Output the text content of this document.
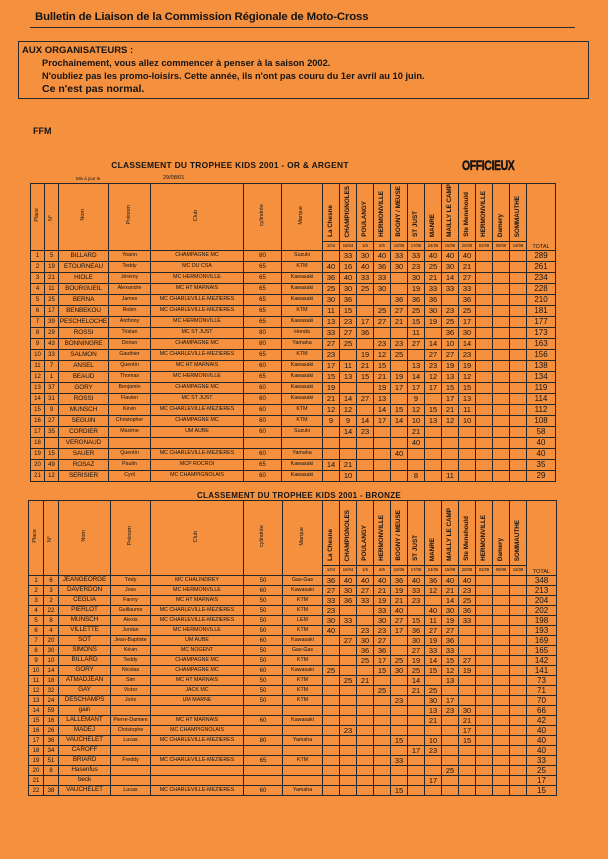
Bulletin de Liaison de la Commission Régionale de Moto-Cross
AUX ORGANISATEURS :
Prochainement, vous allez commencer à penser à la saison 2002.
N'oubliez pas les promo-loisirs. Cette année, ils n'ont pas couru du 1er avril au 10 juin.
Ce n'est pas normal.
FFM
CLASSEMENT DU TROPHEE KIDS 2001 - OR & ARGENT	OFFICIEUX
Mis à jour le	29/08/01
Place	N°	Nom	Prénom	Club	cylindrée	Marque	La Chesne	CHAMPIGNOLES	POULANGY	HERMONVILLE	BOGNY / MEUSE	ST JUST	MANRE	MAILLY LE CAMP	Ste Menehould	HERMONVILLE	Damery	SOMMAUTHE	TOTAL
							1/04	16/04	1/5	6/5	10/06	17/06	24/06	15/08	20/08	02/09	09/09	16/09	
1	5	BILLARD	Yoann	CHAMPAGNE MC	80	Suzuki		33	30	40	33	33	40	40	40				289
2	19	ETOURNEAU	Teddy	MC DU CSA	65	KTM	40	16	40	36	30	23	25	30	21				261
3	21	HIOLE	Jérémy	MC HERMONVILLE	65	Kawasaki	36	40	33	33		30	21	14	27				234
4	11	BOURGUEIL	Alexandre	MC HT MARNAIS	65	Kawasaki	25	30	25	30		19	33	33	33				228
5	25	BERNA	James	MC CHARLEVILLE-MEZIERES	65	Kawasaki	30	36			36	36	36		36				210
6	17	BENBEKOU	Robin	MC CHARLEVILLE-MEZIERES	65	KTM	11	15		25	27	25	30	23	25				181
7	39	PESCHELOCHE	Anthony	MC HERMONVILLE	65	Kawasaki	13	23	17	27	21	15	19	25	17				177
8	29	ROSSI	Tristan	MC ST JUST	80	Honda	33	27	36			11		36	30				173
9	43	BONNINGRE	Dorian	CHAMPAGNE MC	80	Yamaha	27	25		23	23	27	14	10	14				163
10	33	SALMON	Gauthier	MC CHARLEVILLE-MEZIERES	65	KTM	23		19	12	25		27	27	23				156
11	7	ANSEL	Quentin	MC HT MARNAIS	60	Kawasaki	17	11	21	15		13	23	19	19				138
12	1	BEAUD	Thomas	MC HERMONVILLE	65	Kawasaki	15	13	15	21	19	14	12	13	12				134
13	37	GORY	Benjamin	CHAMPAGNE MC	60	Kawasaki	19			19	17	17	17	15	15				119
14	31	ROSSI	Flavien	MC ST JUST	60	Kawasaki	21	14	27	13		9		17	13				114
15	9	MUNSCH	Kévin	MC CHARLEVILLE-MEZIERES	60	KTM	12	12		14	15	12	15	21	11				112
16	27	SEGUIN	Christopher	CHAMPAGNE MC	60	KTM	9	9	14	17	14	10	13	12	10				108
17	35	CORDIER	Maxime	UM AUBE	60	Suzuki		14	23			21							58
18		VERGNAUD										40							40
19	15	SAUER	Quentin	MC CHARLEVILLE-MEZIERES	60	Yamaha					40								40
20	49	ROSAZ	Paulin	MCP ROCROI	65	Kawasaki	14	21											35
21	12	SERISIER	Cyril	MC CHAMPIGNOLAIS	60	Kawasaki		10				8		11					29
CLASSEMENT DU TROPHEE KIDS 2001 - BRONZE
Place	N°	Nom	Prénom	Club	cylindrée	Marque	La Chesne	CHAMPIGNOLES	POULANGY	HERMONVILLE	BOGNY / MEUSE	ST JUST	MANRE	MAILLY LE CAMP	Ste Menehould	HERMONVILLE	Damery	SOMMAUTHE	TOTAL
							1/04	16/04	1/5	6/5	10/06	17/06	24/06	15/08	20/08	02/09	09/09	16/09	
1	6	JEANGEORGE	Tédy	MC CHALINDREY	50	Gas-Gas	36	40	40	40	36	40	36	40	40				348
2	3	DAVERDON	Joss	MC HERMONVILLE	60	Kawasaki	27	30	27	21	19	33	12	21	23				213
3	2	CEGLIA	Fanny	MC HT MARNAIS	50	KTM	33	36	33	19	21	23		14	25				204
4	22	PIERLOT	Guillaume	MC CHARLEVILLE-MEZIERES	50	KTM	23			33	40		40	30	36				202
5	8	MUNSCH	Alexis	MC CHARLEVILLE-MEZIERES	50	LEM	30	33		30	27	15	11	19	33				198
6	4	VILLETTE	Jordan	MC HERMONVILLE	50	KTM	40		23	23	17	36	27	27					193
7	20	SOT	Jean-Baptiste	UM AUBE	60	Kawasaki		27	30	27		30	19	36					169
8	30	SIMONS	Kévin	MC NOGENT	50	Gas-Gas			36	36		27	33	33					165
9	10	BILLARD	Teddy	CHAMPAGNE MC	50	KTM			25	17	25	19	14	15	27				142
10	14	GORY	Nicolas	CHAMPAGNE MC	60	Kawasaki	25			15	30	25	15	12	19				141
11	18	ATMADJEAN	Sim	MC HT MARNAIS	50	KTM		25	21			14		13					73
12	32	GAY	Victor	JACK MC	50	KTM				25		21	25						71
13	24	DESCHAMPS	Joris	UM MARNE	50	KTM					23		30	17					70
14	59	gain											13	23	30				66
15	16	LALLEMANT	Pierre-Damien	MC HT MARNAIS	60	Kawasaki							21		21				42
16	26	MADEJ	Christophe	MC CHAMPIGNOLAIS				23							17				40
17	36	VAUCHELET	Lucas	MC CHARLEVILLE-MEZIERES	80	Yamaha					15		10		15				40
18	34	CAROFF										17	23						40
19	51	BRIARD	Freddy	MC CHARLEVILLE-MEZIERES	65	KTM					33								33
20	8	Hasenfus												25					25
21		beck											17						17
22	38	VAUCHELET	Lucas	MC CHARLEVILLE-MEZIERES	60	Yamaha					15								15
